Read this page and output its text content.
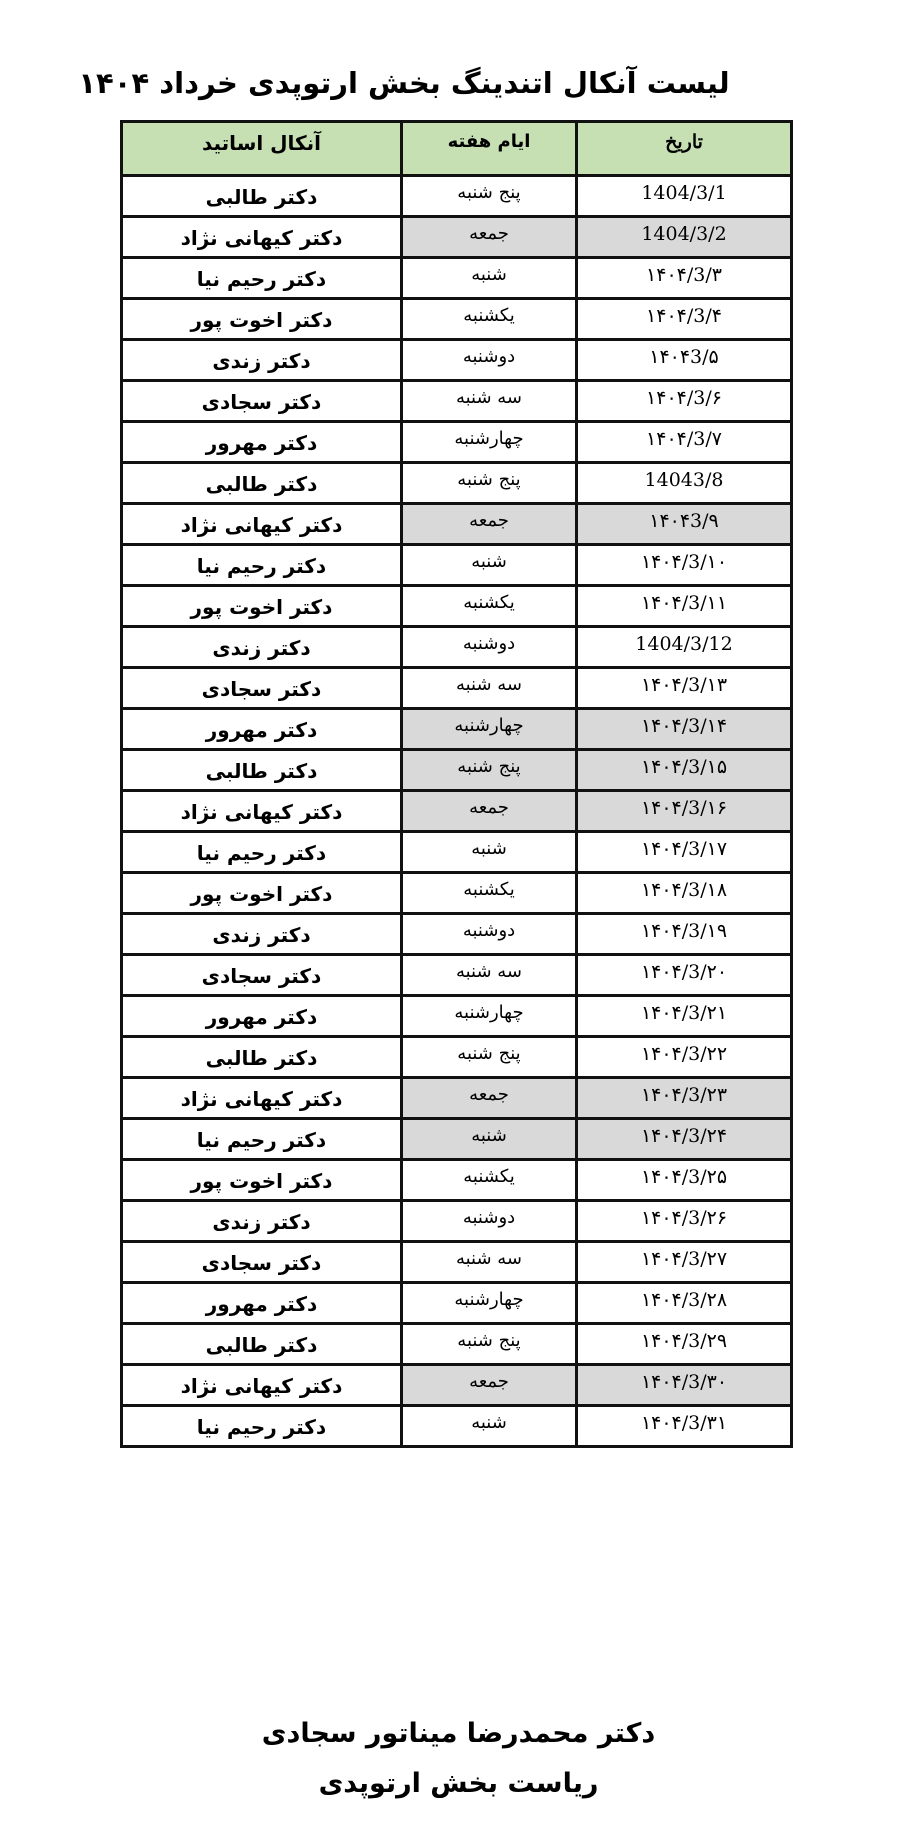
لیست آنکال اتندینگ بخش ارتوپدی خرداد ۱۴۰۴
تاریخ	ایام هفته	آنکال اساتید
1404/3/1	پنج شنبه	دکتر طالبی
1404/3/2	جمعه	دکتر کیهانی نژاد
۱۴۰۴/3/۳	شنبه	دکتر رحیم نیا
۱۴۰۴/3/۴	یکشنبه	دکتر اخوت پور
۱۴۰۴3/۵	دوشنبه	دکتر زندی
۱۴۰۴/3/۶	سه شنبه	دکتر سجادی
۱۴۰۴/3/۷	چهارشنبه	دکتر مهرور
14043/8	پنج شنبه	دکتر طالبی
۱۴۰۴3/۹	جمعه	دکتر کیهانی نژاد
۱۴۰۴/3/۱۰	شنبه	دکتر رحیم نیا
۱۴۰۴/3/۱۱	یکشنبه	دکتر اخوت پور
1404/3/12	دوشنبه	دکتر زندی
۱۴۰۴/3/۱۳	سه شنبه	دکتر سجادی
۱۴۰۴/3/۱۴	چهارشنبه	دکتر مهرور
۱۴۰۴/3/۱۵	پنج شنبه	دکتر طالبی
۱۴۰۴/3/۱۶	جمعه	دکتر کیهانی نژاد
۱۴۰۴/3/۱۷	شنبه	دکتر رحیم نیا
۱۴۰۴/3/۱۸	یکشنبه	دکتر اخوت پور
۱۴۰۴/3/۱۹	دوشنبه	دکتر زندی
۱۴۰۴/3/۲۰	سه شنبه	دکتر سجادی
۱۴۰۴/3/۲۱	چهارشنبه	دکتر مهرور
۱۴۰۴/3/۲۲	پنج شنبه	دکتر طالبی
۱۴۰۴/3/۲۳	جمعه	دکتر کیهانی نژاد
۱۴۰۴/3/۲۴	شنبه	دکتر رحیم نیا
۱۴۰۴/3/۲۵	یکشنبه	دکتر اخوت پور
۱۴۰۴/3/۲۶	دوشنبه	دکتر زندی
۱۴۰۴/3/۲۷	سه شنبه	دکتر سجادی
۱۴۰۴/3/۲۸	چهارشنبه	دکتر مهرور
۱۴۰۴/3/۲۹	پنج شنبه	دکتر طالبی
۱۴۰۴/3/۳۰	جمعه	دکتر کیهانی نژاد
۱۴۰۴/3/۳۱	شنبه	دکتر رحیم نیا
دکتر محمدرضا میناتور سجادی
ریاست بخش ارتوپدی
